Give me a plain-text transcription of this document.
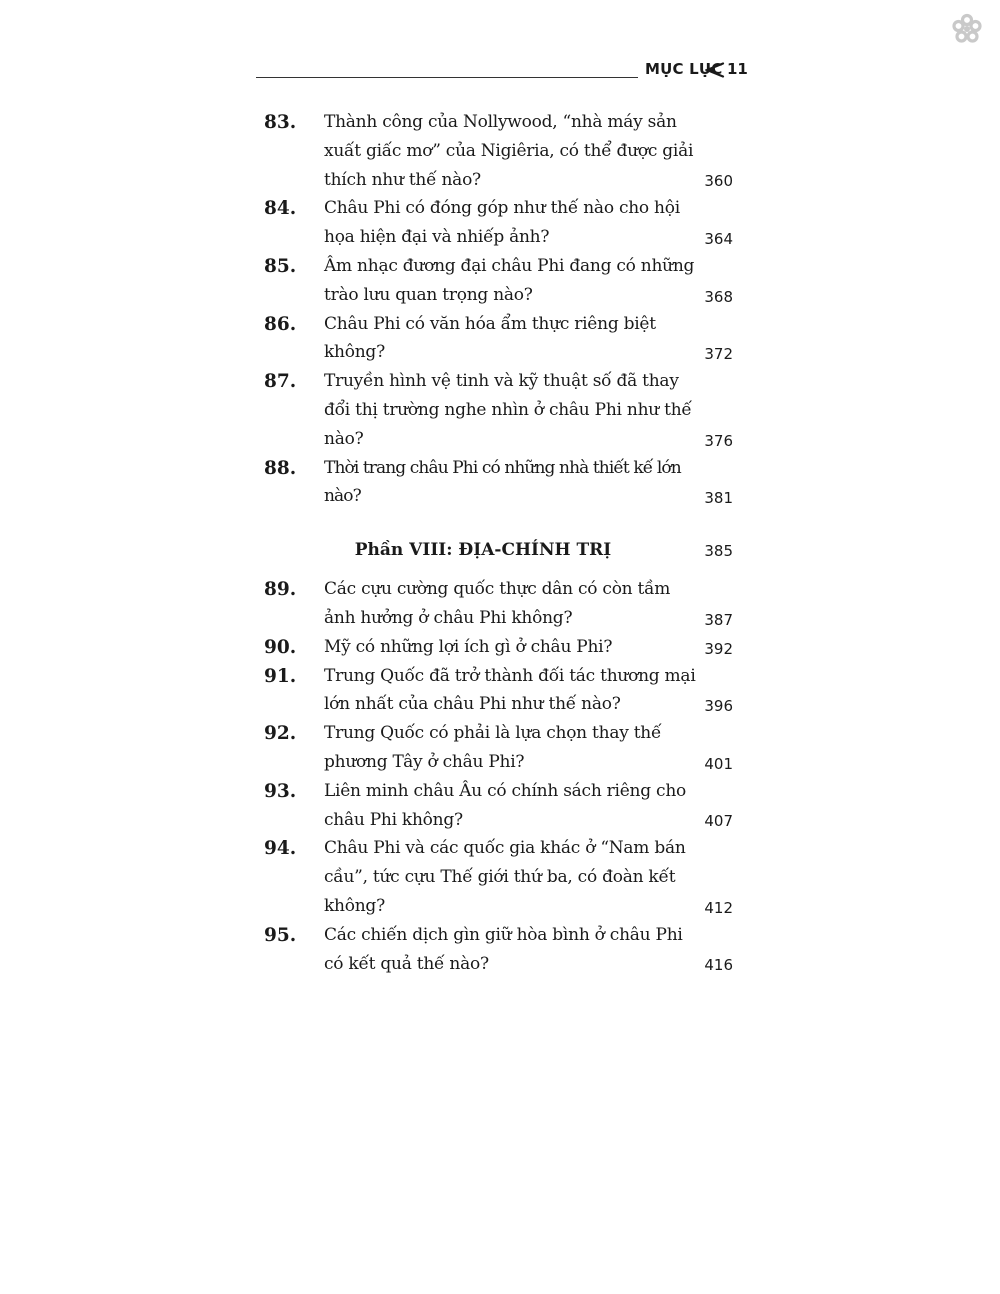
MỤC LỤC 11
83. Thành công của Nollywood, “nhà máy sản xuất giấc mơ” của Nigiêria, có thể được giải thích như thế nào?	360
84. Châu Phi có đóng góp như thế nào cho hội họa hiện đại và nhiếp ảnh?	364
85. Âm nhạc đương đại châu Phi đang có những trào lưu quan trọng nào?	368
86. Châu Phi có văn hóa ẩm thực riêng biệt không?	372
87. Truyền hình vệ tinh và kỹ thuật số đã thay đổi thị trường nghe nhìn ở châu Phi như thế nào?	376
88. Thời trang châu Phi có những nhà thiết kế lớn nào?	381
Phần VIII: ĐỊA-CHÍNH TRỊ	385
89. Các cựu cường quốc thực dân có còn tầm ảnh hưởng ở châu Phi không?	387
90. Mỹ có những lợi ích gì ở châu Phi?	392
91. Trung Quốc đã trở thành đối tác thương mại lớn nhất của châu Phi như thế nào?	396
92. Trung Quốc có phải là lựa chọn thay thế phương Tây ở châu Phi?	401
93. Liên minh châu Âu có chính sách riêng cho châu Phi không?	407
94. Châu Phi và các quốc gia khác ở “Nam bán cầu”, tức cựu Thế giới thứ ba, có đoàn kết không?	412
95. Các chiến dịch gìn giữ hòa bình ở châu Phi có kết quả thế nào?	416
